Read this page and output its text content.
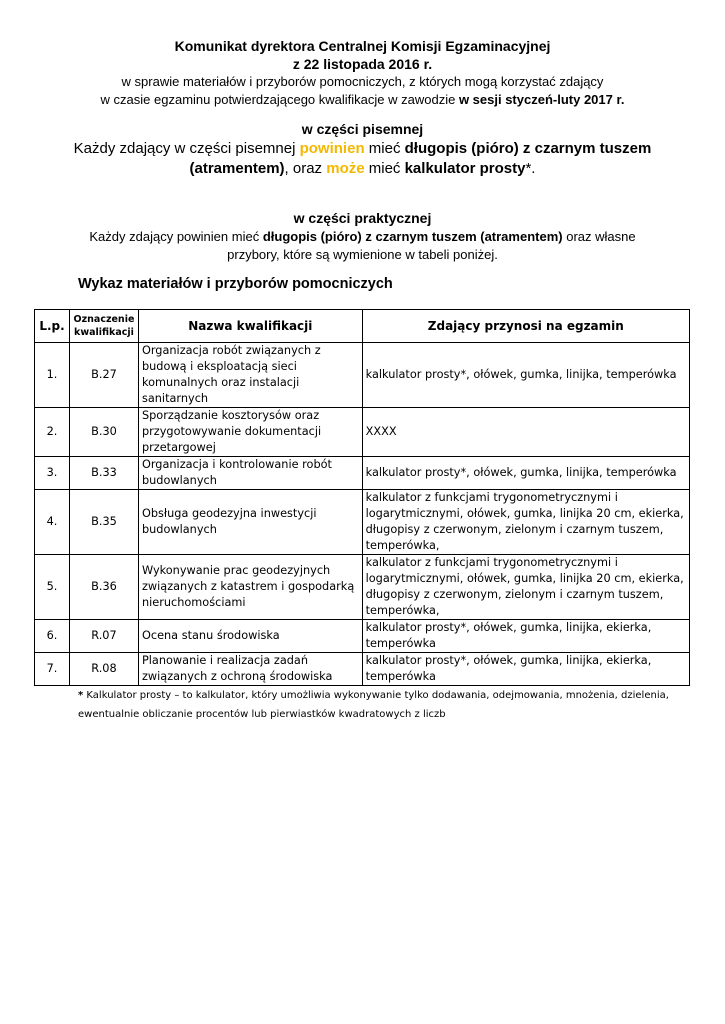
Komunikat dyrektora Centralnej Komisji Egzaminacyjnej
z 22 listopada 2016 r.
w sprawie materiałów i przyborów pomocniczych, z których mogą korzystać zdający
w czasie egzaminu potwierdzającego kwalifikacje w zawodzie w sesji styczeń-luty 2017 r.
w części pisemnej
Każdy zdający w części pisemnej powinien mieć długopis (pióro) z czarnym tuszem
(atramentem), oraz może mieć kalkulator prosty*.
w części praktycznej
Każdy zdający powinien mieć długopis (pióro) z czarnym tuszem (atramentem) oraz własne
przybory, które są wymienione w tabeli poniżej.
Wykaz materiałów i przyborów pomocniczych
L.p.	Oznaczenie kwalifikacji	Nazwa kwalifikacji	Zdający przynosi na egzamin
1.	B.27	Organizacja robót związanych z budową i eksploatacją sieci komunalnych oraz instalacji sanitarnych	kalkulator prosty*, ołówek, gumka, linijka, temperówka
2.	B.30	Sporządzanie kosztorysów oraz przygotowywanie dokumentacji przetargowej	XXXX
3.	B.33	Organizacja i kontrolowanie robót budowlanych	kalkulator prosty*, ołówek, gumka, linijka, temperówka
4.	B.35	Obsługa geodezyjna inwestycji budowlanych	kalkulator z funkcjami trygonometrycznymi i logarytmicznymi, ołówek, gumka, linijka 20 cm, ekierka, długopisy z czerwonym, zielonym i czarnym tuszem, temperówka,
5.	B.36	Wykonywanie prac geodezyjnych związanych z katastrem i gospodarką nieruchomościami	kalkulator z funkcjami trygonometrycznymi i logarytmicznymi, ołówek, gumka, linijka 20 cm, ekierka, długopisy z czerwonym, zielonym i czarnym tuszem, temperówka,
6.	R.07	Ocena stanu środowiska	kalkulator prosty*, ołówek, gumka, linijka, ekierka, temperówka
7.	R.08	Planowanie i realizacja zadań związanych z ochroną środowiska	kalkulator prosty*, ołówek, gumka, linijka, ekierka, temperówka
* Kalkulator prosty – to kalkulator, który umożliwia wykonywanie tylko dodawania, odejmowania, mnożenia, dzielenia, ewentualnie obliczanie procentów lub pierwiastków kwadratowych z liczb
